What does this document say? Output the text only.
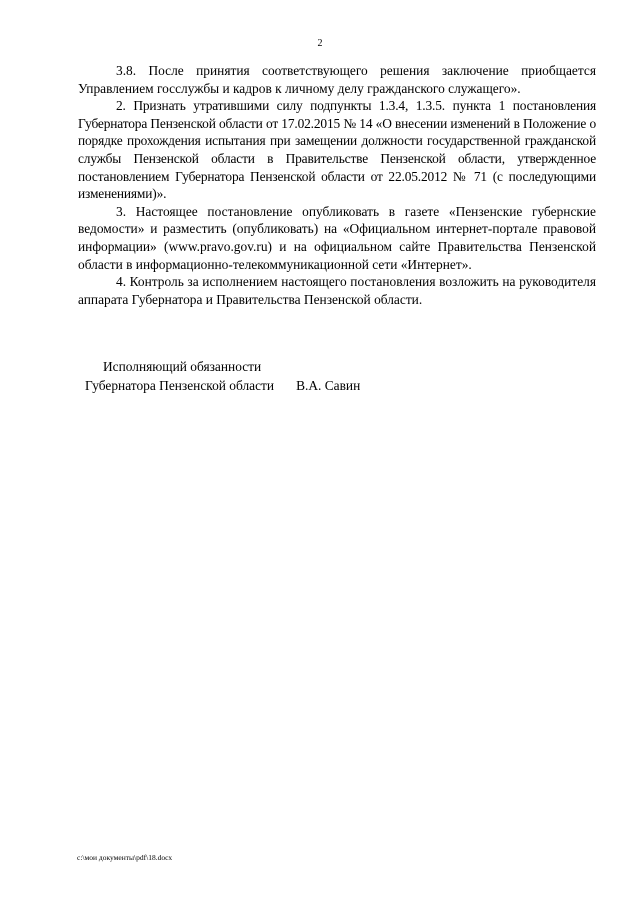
2

3.8. После принятия соответствующего решения заключение приобщается Управлением госслужбы и кадров к личному делу гражданского служащего».

2. Признать утратившими силу подпункты 1.3.4, 1.3.5. пункта 1 постановления Губернатора Пензенской области от 17.02.2015 № 14 «О внесении изменений в Положение о порядке прохождения испытания при замещении должности государственной гражданской службы Пензенской области в Правительстве Пензенской области, утвержденное постановлением Губернатора Пензенской области от 22.05.2012 № 71 (с последующими изменениями)».

3. Настоящее постановление опубликовать в газете «Пензенские губернские ведомости» и разместить (опубликовать) на «Официальном интернет-портале правовой информации» (www.pravo.gov.ru) и на официальном сайте Правительства Пензенской области в информационно-телекоммуникационной сети «Интернет».

4. Контроль за исполнением настоящего постановления возложить на руководителя аппарата Губернатора и Правительства Пензенской области.

Исполняющий обязанности

Губернатора Пензенской области В.А. Савин

c:\мои документы\pdf\18.docx
